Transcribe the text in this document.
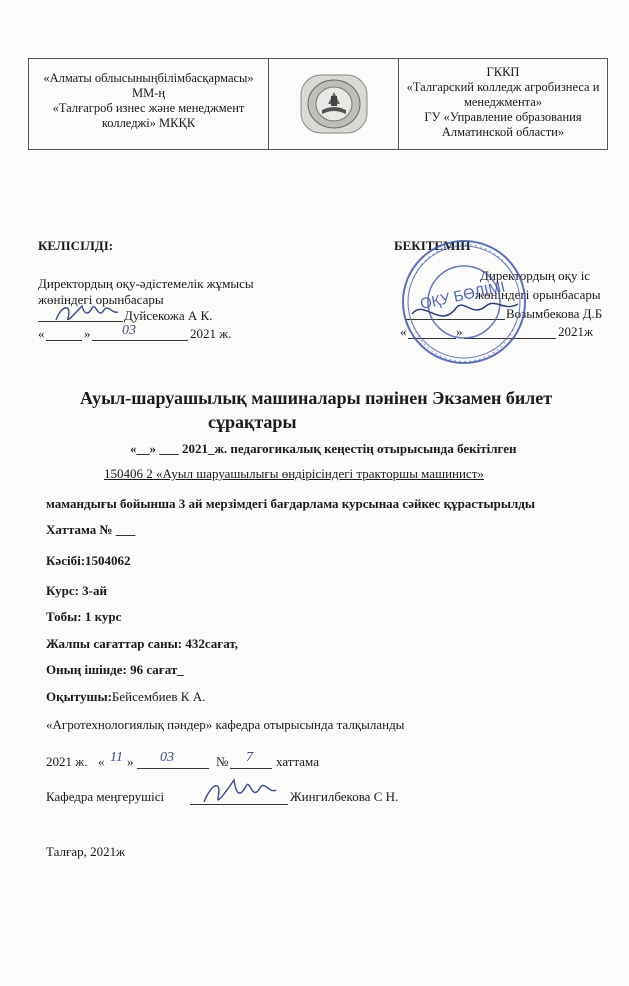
«Алматы облысыныңбілімбасқармасы»
ММ-ң
«Талғагроб изнес және менеджмент
колледжі» МКҚК
ГККП
«Талгарский колледж агробизнеса и
менеджмента»
ГУ «Управление образования
Алматинской области»
КЕЛІСІЛДІ:
Директордың оқу-әдістемелік жұмысы
жөніндегі орынбасары
Дуйсекожа А К.
«	» 03	2021 ж.
БЕКІТЕМІН
Директордың оқу іс
жөніндегі орынбасары
Возымбекова Д.Б
«	»	2021ж
ОҚУ БӨЛІМІ
Ауыл-шаруашылық машиналары пәнінен Экзамен билет
сұрақтары
«__» ___ 2021_ж. педагогикалық кеңестің отырысында бекітілген
150406 2 «Ауыл шаруашылығы өндірісіндегі тракторшы машинист»
мамандығы бойынша 3 ай мерзімдегі бағдарлама курсынаа сәйкес құрастырылды
Хаттама № ___
Кәсібі:1504062
Курс: 3-ай
Тобы: 1 курс
Жалпы сағаттар саны: 432сағат,
Оның ішінде: 96 сағат_
Оқытушы:Бейсембиев К А.
«Агротехнологиялық пәндер» кафедра отырысында талқыланды
2021 ж. « 11 » 03	№ 7 хаттама
Кафедра меңгерушісі	Жингилбекова С Н.
Талғар, 2021ж
